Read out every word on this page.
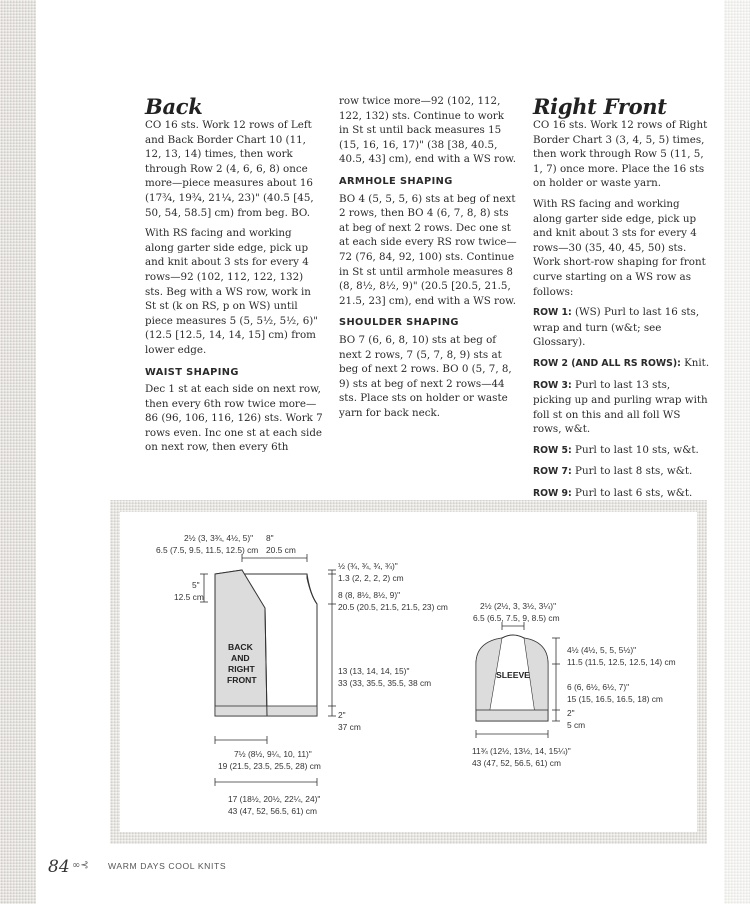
Back

CO 16 sts. Work 12 rows of Left and Back Border Chart 10 (11, 12, 13, 14) times, then work through Row 2 (4, 6, 6, 8) once more—piece measures about 16 (17¾, 19¾, 21¼, 23)" (40.5 [45, 50, 54, 58.5] cm) from beg. BO.

With RS facing and working along garter side edge, pick up and knit about 3 sts for every 4 rows—92 (102, 112, 122, 132) sts. Beg with a WS row, work in St st (k on RS, p on WS) until piece measures 5 (5, 5½, 5½, 6)" (12.5 [12.5, 14, 14, 15] cm) from lower edge.

WAIST SHAPING

Dec 1 st at each side on next row, then every 6th row twice more—86 (96, 106, 116, 126) sts. Work 7 rows even. Inc one st at each side on next row, then every 6th

row twice more—92 (102, 112, 122, 132) sts. Continue to work in St st until back measures 15 (15, 16, 16, 17)" (38 [38, 40.5, 40.5, 43] cm), end with a WS row.

ARMHOLE SHAPING

BO 4 (5, 5, 5, 6) sts at beg of next 2 rows, then BO 4 (6, 7, 8, 8) sts at beg of next 2 rows. Dec one st at each side every RS row twice—72 (76, 84, 92, 100) sts. Continue in St st until armhole measures 8 (8, 8½, 8½, 9)" (20.5 [20.5, 21.5, 21.5, 23] cm), end with a WS row.

SHOULDER SHAPING

BO 7 (6, 6, 8, 10) sts at beg of next 2 rows, 7 (5, 7, 8, 9) sts at beg of next 2 rows. BO 0 (5, 7, 8, 9) sts at beg of next 2 rows—44 sts. Place sts on holder or waste yarn for back neck.

Right Front

CO 16 sts. Work 12 rows of Right Border Chart 3 (3, 4, 5, 5) times, then work through Row 5 (11, 5, 1, 7) once more. Place the 16 sts on holder or waste yarn.

With RS facing and working along garter side edge, pick up and knit about 3 sts for every 4 rows—30 (35, 40, 45, 50) sts. Work short-row shaping for front curve starting on a WS row as follows:

ROW 1: (WS) Purl to last 16 sts, wrap and turn (w&t; see Glossary).

ROW 2 (AND ALL RS ROWS): Knit.

ROW 3: Purl to last 13 sts, picking up and purling wrap with foll st on this and all foll WS rows, w&t.

ROW 5: Purl to last 10 sts, w&t.

ROW 7: Purl to last 8 sts, w&t.

ROW 9: Purl to last 6 sts, w&t.

BACK
AND
RIGHT
FRONT
2½ (3, 3¾, 4½, 5)"
6.5 (7.5, 9.5, 11.5, 12.5) cm
8"
20.5 cm
5"
12.5 cm
½ (¾, ¾, ¾, ¾)"
1.3 (2, 2, 2, 2) cm
8 (8, 8½, 8½, 9)"
20.5 (20.5, 21.5, 21.5, 23) cm
13 (13, 14, 14, 15)"
33 (33, 35.5, 35.5, 38 cm
2"
37 cm
7½ (8½, 9¼, 10, 11)"
19 (21.5, 23.5, 25.5, 28) cm
17 (18½, 20½, 22¼, 24)"
43 (47, 52, 56.5, 61) cm
SLEEVE
2½ (2½, 3, 3½, 3¼)"
6.5 (6.5, 7.5, 9, 8.5) cm
4½ (4½, 5, 5, 5½)"
11.5 (11.5, 12.5, 12.5, 14) cm
6 (6, 6½, 6½, 7)"
15 (15, 16.5, 16.5, 18) cm
2"
5 cm
11¾ (12½, 13½, 14, 15¼)"
43 (47, 52, 56.5, 61) cm
84 ∞⊰ WARM DAYS COOL KNITS
